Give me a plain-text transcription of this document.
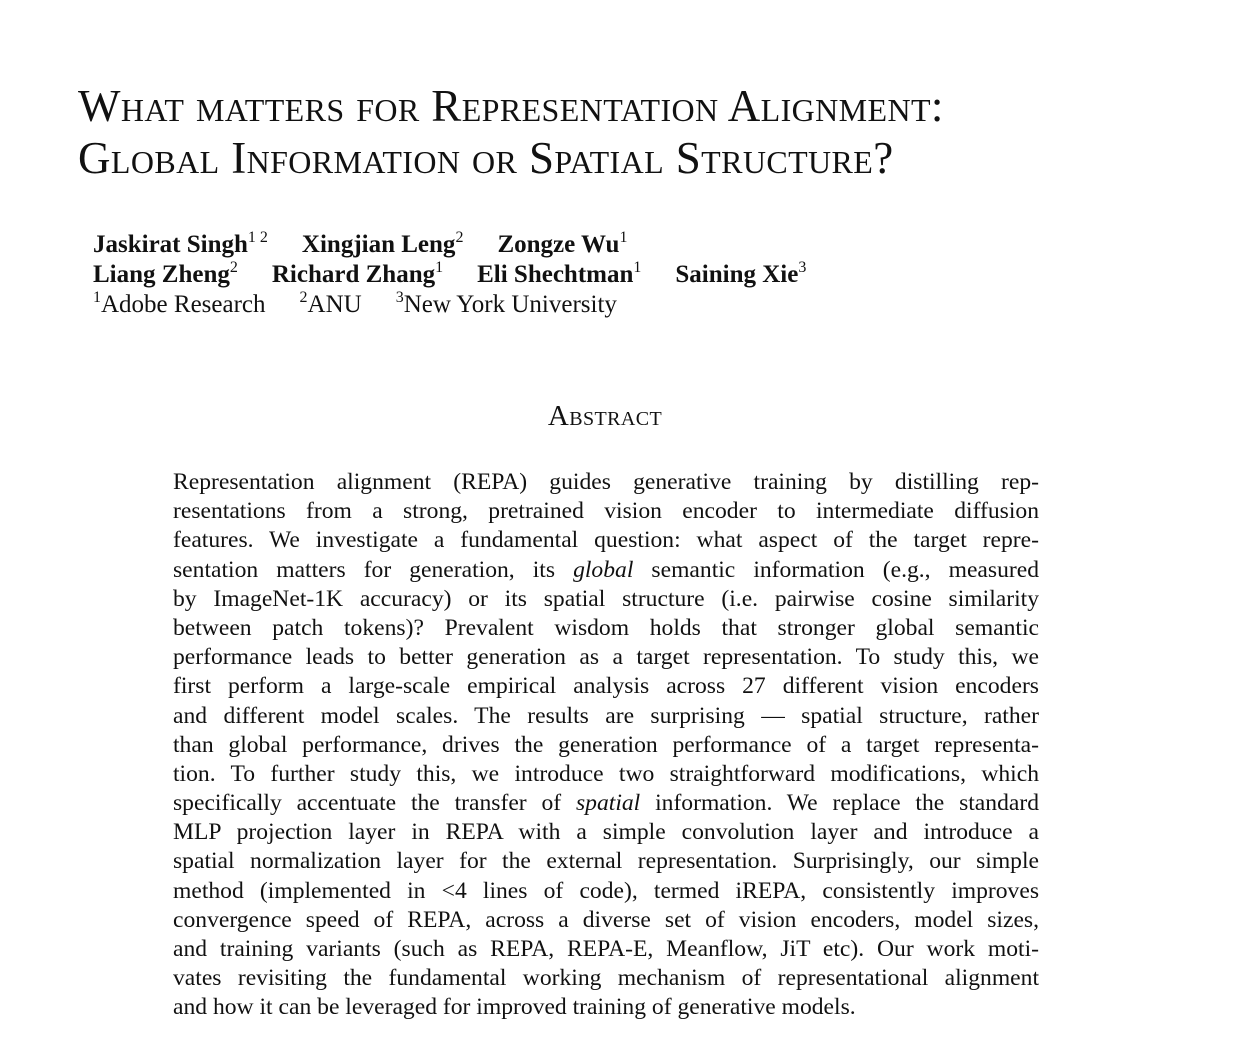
What matters for Representation Alignment:
Global Information or Spatial Structure?
Jaskirat Singh$^{1 2}$ Xingjian Leng$^2$ Zongze Wu$^1$
Liang Zheng$^2$ Richard Zhang$^1$ Eli Shechtman$^1$ Saining Xie$^3$
$^1$Adobe Research $^2$ANU $^3$New York University
Abstract
Representation alignment (REPA) guides generative training by distilling rep-
resentations from a strong, pretrained vision encoder to intermediate diffusion
features. We investigate a fundamental question: what aspect of the target repre-
sentation matters for generation, its global semantic information (e.g., measured
by ImageNet-1K accuracy) or its spatial structure (i.e. pairwise cosine similarity
between patch tokens)? Prevalent wisdom holds that stronger global semantic
performance leads to better generation as a target representation. To study this, we
first perform a large-scale empirical analysis across 27 different vision encoders
and different model scales. The results are surprising — spatial structure, rather
than global performance, drives the generation performance of a target representa-
tion. To further study this, we introduce two straightforward modifications, which
specifically accentuate the transfer of spatial information. We replace the standard
MLP projection layer in REPA with a simple convolution layer and introduce a
spatial normalization layer for the external representation. Surprisingly, our simple
method (implemented in <4 lines of code), termed iREPA, consistently improves
convergence speed of REPA, across a diverse set of vision encoders, model sizes,
and training variants (such as REPA, REPA-E, Meanflow, JiT etc). Our work moti-
vates revisiting the fundamental working mechanism of representational alignment
and how it can be leveraged for improved training of generative models.
